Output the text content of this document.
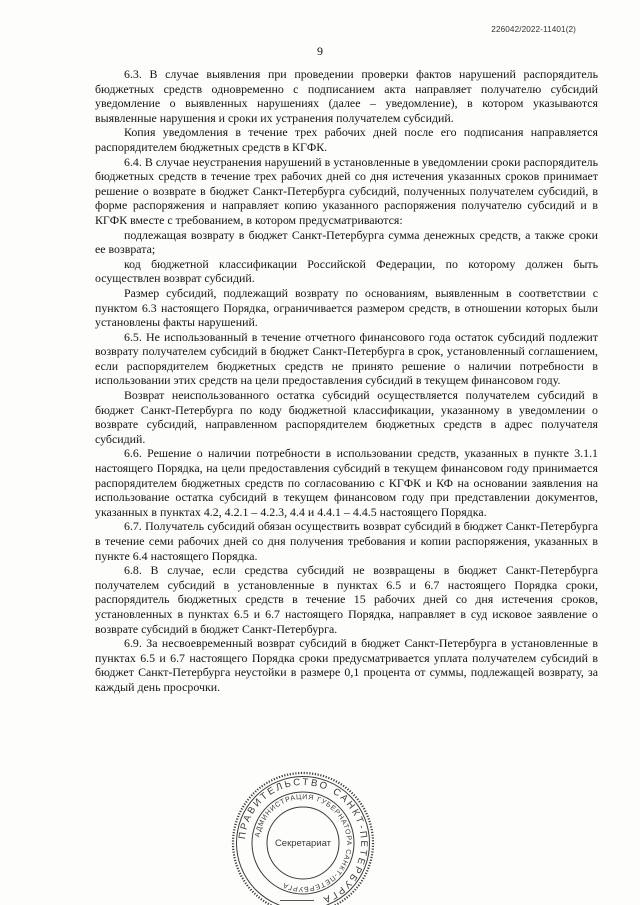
226042/2022-11401(2)
9

6.3. В случае выявления при проведении проверки фактов нарушений распорядитель бюджетных средств одновременно с подписанием акта направляет получателю субсидий уведомление о выявленных нарушениях (далее – уведомление), в котором указываются выявленные нарушения и сроки их устранения получателем субсидий.

Копия уведомления в течение трех рабочих дней после его подписания направляется распорядителем бюджетных средств в КГФК.

6.4. В случае неустранения нарушений в установленные в уведомлении сроки распорядитель бюджетных средств в течение трех рабочих дней со дня истечения указанных сроков принимает решение о возврате в бюджет Санкт-Петербурга субсидий, полученных получателем субсидий, в форме распоряжения и направляет копию указанного распоряжения получателю субсидий и в КГФК вместе с требованием, в котором предусматриваются:

подлежащая возврату в бюджет Санкт-Петербурга сумма денежных средств, а также сроки ее возврата;

код бюджетной классификации Российской Федерации, по которому должен быть осуществлен возврат субсидий.

Размер субсидий, подлежащий возврату по основаниям, выявленным в соответствии с пунктом 6.3 настоящего Порядка, ограничивается размером средств, в отношении которых были установлены факты нарушений.

6.5. Не использованный в течение отчетного финансового года остаток субсидий подлежит возврату получателем субсидий в бюджет Санкт-Петербурга в срок, установленный соглашением, если распорядителем бюджетных средств не принято решение о наличии потребности в использовании этих средств на цели предоставления субсидий в текущем финансовом году.

Возврат неиспользованного остатка субсидий осуществляется получателем субсидий в бюджет Санкт-Петербурга по коду бюджетной классификации, указанному в уведомлении о возврате субсидий, направленном распорядителем бюджетных средств в адрес получателя субсидий.

6.6. Решение о наличии потребности в использовании средств, указанных в пункте 3.1.1 настоящего Порядка, на цели предоставления субсидий в текущем финансовом году принимается распорядителем бюджетных средств по согласованию с КГФК и КФ на основании заявления на использование остатка субсидий в текущем финансовом году при представлении документов, указанных в пунктах 4.2, 4.2.1 – 4.2.3, 4.4 и 4.4.1 – 4.4.5 настоящего Порядка.

6.7. Получатель субсидий обязан осуществить возврат субсидий в бюджет Санкт-Петербурга в течение семи рабочих дней со дня получения требования и копии распоряжения, указанных в пункте 6.4 настоящего Порядка.

6.8. В случае, если средства субсидий не возвращены в бюджет Санкт-Петербурга получателем субсидий в установленные в пунктах 6.5 и 6.7 настоящего Порядка сроки, распорядитель бюджетных средств в течение 15 рабочих дней со дня истечения сроков, установленных в пунктах 6.5 и 6.7 настоящего Порядка, направляет в суд исковое заявление о возврате субсидий в бюджет Санкт-Петербурга.

6.9. За несвоевременный возврат субсидий в бюджет Санкт-Петербурга в установленные в пунктах 6.5 и 6.7 настоящего Порядка сроки предусматривается уплата получателем субсидий в бюджет Санкт-Петербурга неустойки в размере 0,1 процента от суммы, подлежащей возврату, за каждый день просрочки.

ПРАВИТЕЛЬСТВО САНКТ-ПЕТЕРБУРГА
АДМИНИСТРАЦИЯ ГУБЕРНАТОРА САНКТ-ПЕТЕРБУРГА
Секретариат
